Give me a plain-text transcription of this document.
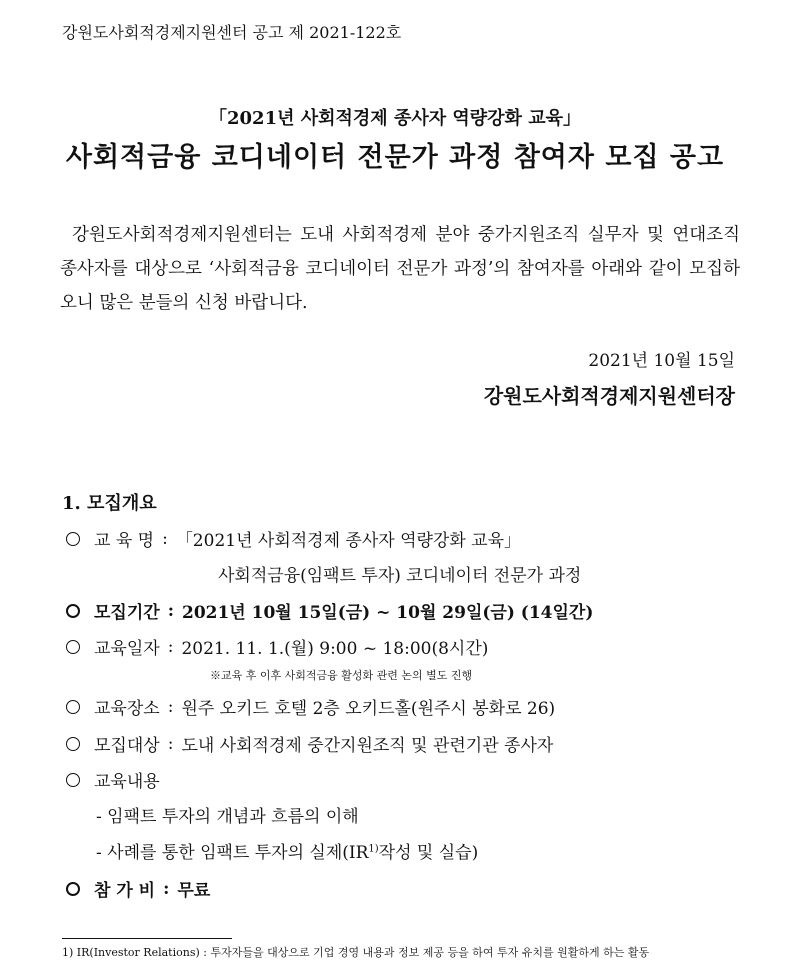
강원도사회적경제지원센터 공고 제 2021-122호
「2021년 사회적경제 종사자 역량강화 교육」
사회적금융 코디네이터 전문가 과정 참여자 모집 공고

강원도사회적경제지원센터는 도내 사회적경제 분야 중가지원조직 실무자 및 연대조직 종사자를 대상으로 ‘사회적금융 코디네이터 전문가 과정’의 참여자를 아래와 같이 모집하오니 많은 분들의 신청 바랍니다.

2021년 10월 15일
강원도사회적경제지원센터장
1. 모집개요
교 육 명 : 「2021년 사회적경제 종사자 역량강화 교육」
사회적금융(임팩트 투자) 코디네이터 전문가 과정
모집기간 : 2021년 10월 15일(금) ~ 10월 29일(금) (14일간)
교육일자 : 2021. 11. 1.(월) 9:00 ~ 18:00(8시간)
※교육 후 이후 사회적금융 활성화 관련 논의 별도 진행
교육장소 : 원주 오키드 호텔 2층 오키드홀(원주시 봉화로 26)
모집대상 : 도내 사회적경제 중간지원조직 및 관련기관 종사자
교육내용
- 임팩트 투자의 개념과 흐름의 이해
- 사례를 통한 임팩트 투자의 실제(IR$^{1)}$작성 및 실습)
참 가 비 : 무료
1) IR(Investor Relations) : 투자자들을 대상으로 기업 경영 내용과 정보 제공 등을 하여 투자 유치를 원활하게 하는 활동
